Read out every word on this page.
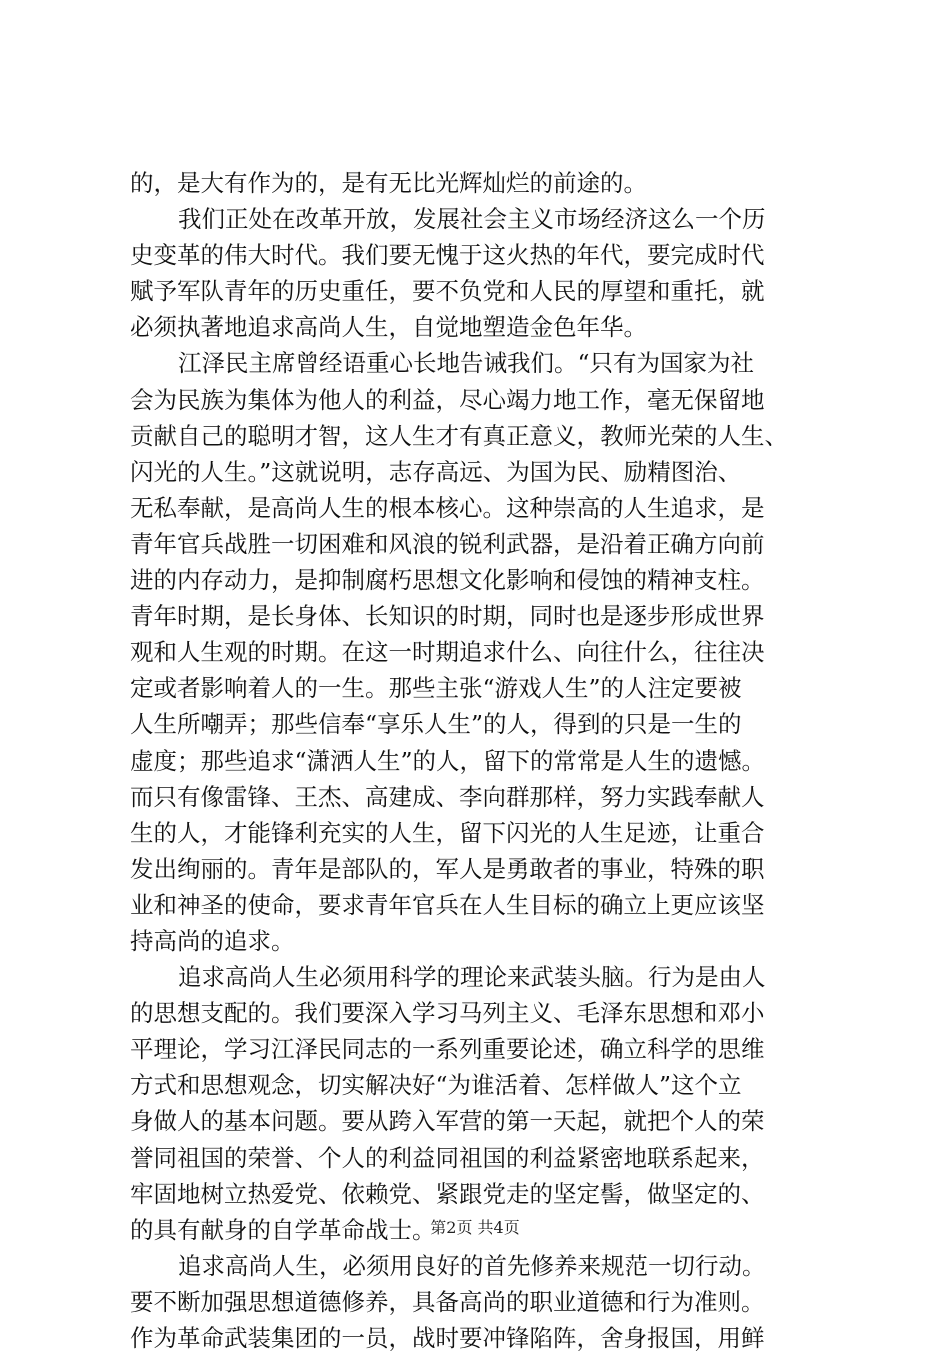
的，是大有作为的，是有无比光辉灿烂的前途的。
我们正处在改革开放，发展社会主义市场经济这么一个历
史变革的伟大时代。我们要无愧于这火热的年代，要完成时代
赋予军队青年的历史重任，要不负党和人民的厚望和重托，就
必须执著地追求高尚人生，自觉地塑造金色年华。
江泽民主席曾经语重心长地告诫我们。“只有为国家为社
会为民族为集体为他人的利益，尽心竭力地工作，毫无保留地
贡献自己的聪明才智，这人生才有真正意义，教师光荣的人生、
闪光的人生。”这就说明，志存高远、为国为民、励精图治、
无私奉献，是高尚人生的根本核心。这种崇高的人生追求，是
青年官兵战胜一切困难和风浪的锐利武器，是沿着正确方向前
进的内存动力，是抑制腐朽思想文化影响和侵蚀的精神支柱。
青年时期，是长身体、长知识的时期，同时也是逐步形成世界
观和人生观的时期。在这一时期追求什么、向往什么，往往决
定或者影响着人的一生。那些主张“游戏人生”的人注定要被
人生所嘲弄；那些信奉“享乐人生”的人，得到的只是一生的
虚度；那些追求“潇洒人生”的人，留下的常常是人生的遗憾。
而只有像雷锋、王杰、高建成、李向群那样，努力实践奉献人
生的人，才能锋利充实的人生，留下闪光的人生足迹，让重合
发出绚丽的。青年是部队的，军人是勇敢者的事业，特殊的职
业和神圣的使命，要求青年官兵在人生目标的确立上更应该坚
持高尚的追求。
追求高尚人生必须用科学的理论来武装头脑。行为是由人
的思想支配的。我们要深入学习马列主义、毛泽东思想和邓小
平理论，学习江泽民同志的一系列重要论述，确立科学的思维
方式和思想观念，切实解决好“为谁活着、怎样做人”这个立
身做人的基本问题。要从跨入军营的第一天起，就把个人的荣
誉同祖国的荣誉、个人的利益同祖国的利益紧密地联系起来，
牢固地树立热爱党、依赖党、紧跟党走的坚定髻，做坚定的、
的具有献身的自学革命战士。
追求高尚人生，必须用良好的首先修养来规范一切行动。
要不断加强思想道德修养，具备高尚的职业道德和行为准则。
作为革命武装集团的一员，战时要冲锋陷阵，舍身报国，用鲜
第2页 共4页
